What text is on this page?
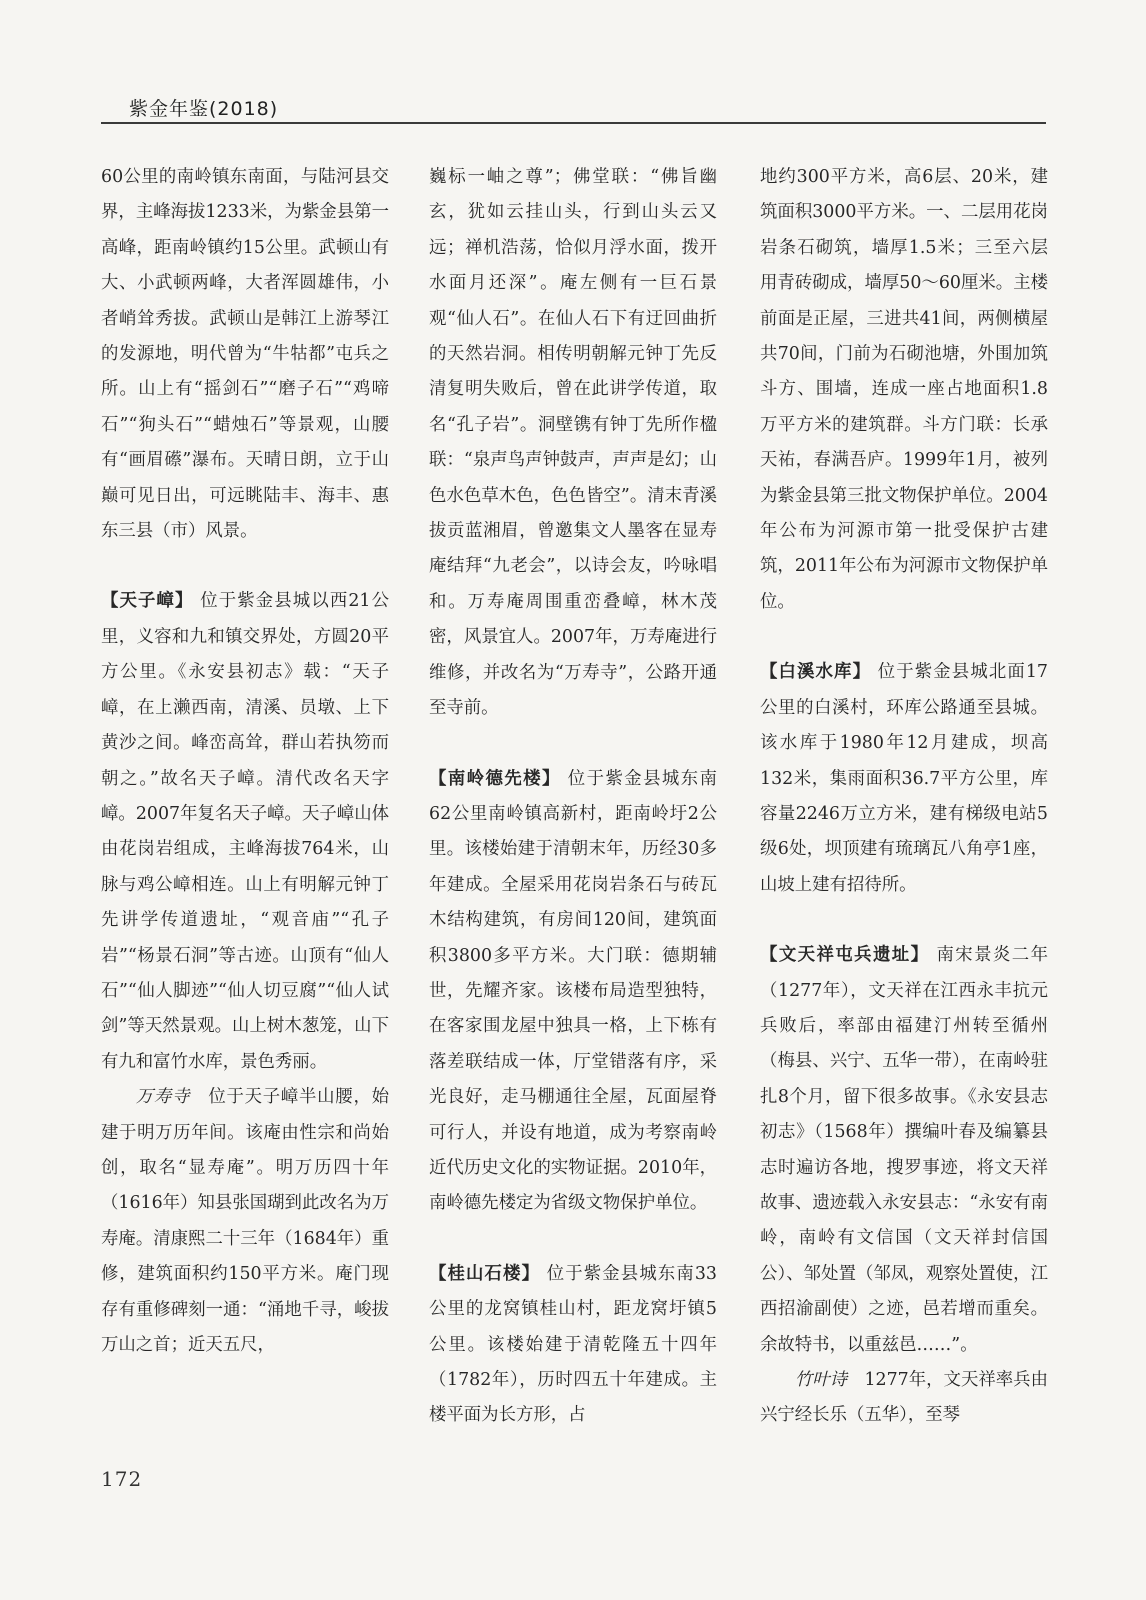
紫金年鉴(2018)

60公里的南岭镇东南面，与陆河县交界，主峰海拔1233米，为紫金县第一高峰，距南岭镇约15公里。武顿山有大、小武顿两峰，大者浑圆雄伟，小者峭耸秀拔。武顿山是韩江上游琴江的发源地，明代曾为“牛牯都”屯兵之所。山上有“摇剑石”“磨子石”“鸡啼石”“狗头石”“蜡烛石”等景观，山腰有“画眉礤”瀑布。天晴日朗，立于山巅可见日出，可远眺陆丰、海丰、惠东三县（市）风景。

【天子嶂】 位于紫金县城以西21公里，义容和九和镇交界处，方圆20平方公里。《永安县初志》载：“天子嶂，在上濑西南，清溪、员墩、上下黄沙之间。峰峦高耸，群山若执笏而朝之。”故名天子嶂。清代改名天字嶂。2007年复名天子嶂。天子嶂山体由花岗岩组成，主峰海拔764米，山脉与鸡公嶂相连。山上有明解元钟丁先讲学传道遗址，“观音庙”“孔子岩”“杨景石洞”等古迹。山顶有“仙人石”“仙人脚迹”“仙人切豆腐”“仙人试剑”等天然景观。山上树木葱笼，山下有九和富竹水库，景色秀丽。

万寿寺　 位于天子嶂半山腰，始建于明万历年间。该庵由性宗和尚始创，取名“显寿庵”。明万历四十年（1616年）知县张国瑚到此改名为万寿庵。清康熙二十三年（1684年）重修，建筑面积约150平方米。庵门现存有重修碑刻一通：“涌地千寻，峻拔万山之首；近天五尺，

巍标一岫之尊”；佛堂联：“佛旨幽玄，犹如云挂山头，行到山头云又远；禅机浩荡，恰似月浮水面，拨开水面月还深”。庵左侧有一巨石景观“仙人石”。在仙人石下有迂回曲折的天然岩洞。相传明朝解元钟丁先反清复明失败后，曾在此讲学传道，取名“孔子岩”。洞壁镌有钟丁先所作楹联：“泉声鸟声钟鼓声，声声是幻；山色水色草木色，色色皆空”。清末青溪拔贡蓝湘眉，曾邀集文人墨客在显寿庵结拜“九老会”，以诗会友，吟咏唱和。万寿庵周围重峦叠嶂，林木茂密，风景宜人。2007年，万寿庵进行维修，并改名为“万寿寺”，公路开通至寺前。

【南岭德先楼】 位于紫金县城东南62公里南岭镇高新村，距南岭圩2公里。该楼始建于清朝末年，历经30多年建成。全屋采用花岗岩条石与砖瓦木结构建筑，有房间120间，建筑面积3800多平方米。大门联：德期辅世，先耀齐家。该楼布局造型独特，在客家围龙屋中独具一格，上下栋有落差联结成一体，厅堂错落有序，采光良好，走马棚通往全屋，瓦面屋脊可行人，并设有地道，成为考察南岭近代历史文化的实物证据。2010年，南岭德先楼定为省级文物保护单位。

【桂山石楼】 位于紫金县城东南33公里的龙窝镇桂山村，距龙窝圩镇5公里。该楼始建于清乾隆五十四年（1782年），历时四五十年建成。主楼平面为长方形，占

地约300平方米，高6层、20米，建筑面积3000平方米。一、二层用花岗岩条石砌筑，墙厚1.5米；三至六层用青砖砌成，墙厚50～60厘米。主楼前面是正屋，三进共41间，两侧横屋共70间，门前为石砌池塘，外围加筑斗方、围墙，连成一座占地面积1.8万平方米的建筑群。斗方门联：长承天祐，春满吾庐。1999年1月，被列为紫金县第三批文物保护单位。2004年公布为河源市第一批受保护古建筑，2011年公布为河源市文物保护单位。

【白溪水库】 位于紫金县城北面17公里的白溪村，环库公路通至县城。该水库于1980年12月建成，坝高132米，集雨面积36.7平方公里，库容量2246万立方米，建有梯级电站5级6处，坝顶建有琉璃瓦八角亭1座，山坡上建有招待所。

【文天祥屯兵遗址】 南宋景炎二年（1277年），文天祥在江西永丰抗元兵败后，率部由福建汀州转至循州（梅县、兴宁、五华一带），在南岭驻扎8个月，留下很多故事。《永安县志初志》（1568年）撰编叶春及编纂县志时遍访各地，搜罗事迹，将文天祥故事、遗迹载入永安县志：“永安有南岭，南岭有文信国（文天祥封信国公）、邹处置（邹凤，观察处置使，江西招渝副使）之迹，邑若增而重矣。余故特书，以重兹邑……”。

竹叶诗　 1277年，文天祥率兵由兴宁经长乐（五华），至琴

172
